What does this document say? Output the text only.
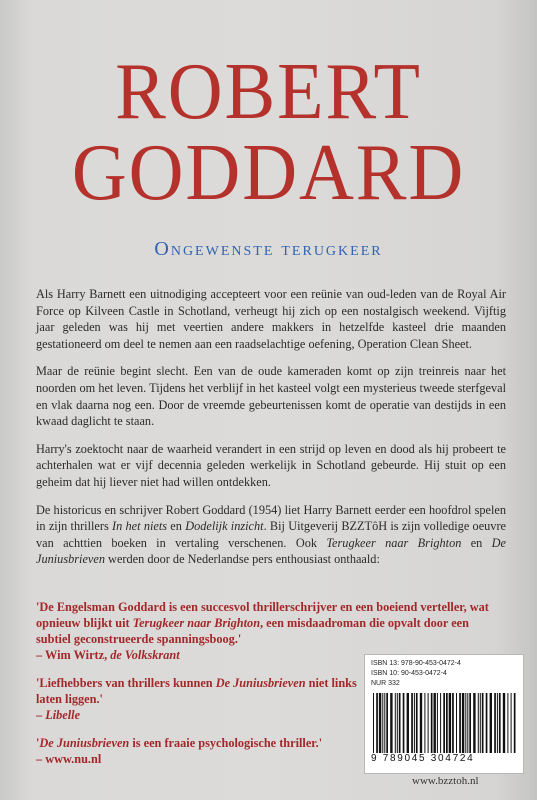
ROBERT
GODDARD
Ongewenste terugkeer

Als Harry Barnett een uitnodiging accepteert voor een reünie van oud-leden van de Royal Air Force op Kilveen Castle in Schotland, verheugt hij zich op een nostalgisch weekend. Vijftig jaar geleden was hij met veertien andere makkers in hetzelfde kasteel drie maanden gestationeerd om deel te nemen aan een raadselachtige oefening, Operation Clean Sheet.

Maar de reünie begint slecht. Een van de oude kameraden komt op zijn treinreis naar het noorden om het leven. Tijdens het verblijf in het kasteel volgt een mysterieus tweede sterfgeval en vlak daarna nog een. Door de vreemde gebeurtenissen komt de operatie van destijds in een kwaad daglicht te staan.

Harry's zoektocht naar de waarheid verandert in een strijd op leven en dood als hij probeert te achterhalen wat er vijf decennia geleden werkelijk in Schotland gebeurde. Hij stuit op een geheim dat hij liever niet had willen ontdekken.

De historicus en schrijver Robert Goddard (1954) liet Harry Barnett eerder een hoofdrol spelen in zijn thrillers In het niets en Dodelijk inzicht. Bij Uitgeverij BZZTôH is zijn volledige oeuvre van achttien boeken in vertaling verschenen. Ook Terugkeer naar Brighton en De Juniusbrieven werden door de Nederlandse pers enthousiast onthaald:

'De Engelsman Goddard is een succesvol thrillerschrijver en een boeiend verteller, wat opnieuw blijkt uit Terugkeer naar Brighton, een misdaadroman die opvalt door een subtiel geconstrueerde spanningsboog.'
– Wim Wirtz, de Volkskrant

'Liefhebbers van thrillers kunnen De Juniusbrieven niet links laten liggen.'
– Libelle

'De Juniusbrieven is een fraaie psychologische thriller.'
– www.nu.nl

ISBN 13: 978-90-453-0472-4
ISBN 10: 90-453-0472-4
NUR 332
9 789045 304724
www.bzztoh.nl
